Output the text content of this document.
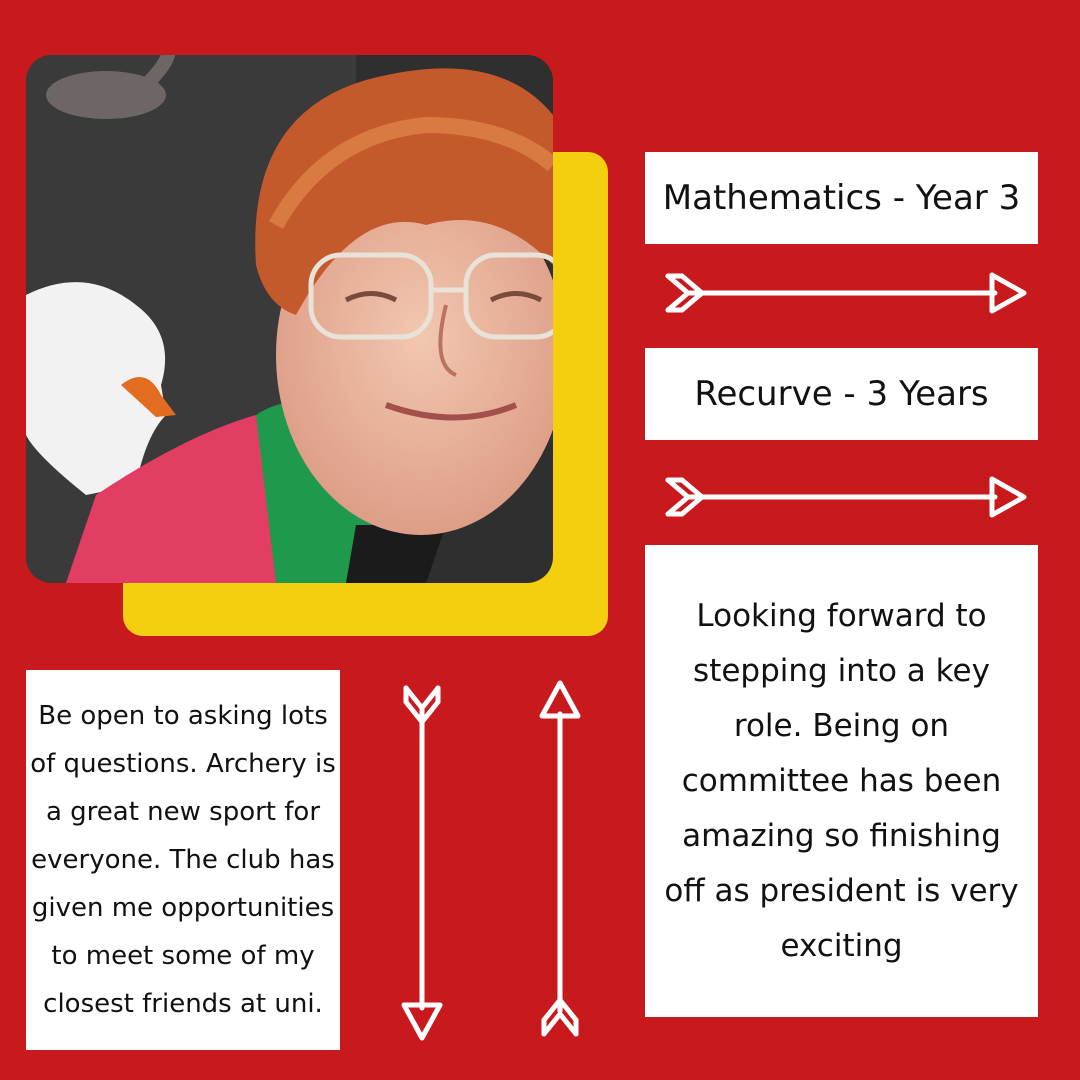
Mathematics - Year 3
Recurve - 3 Years
Looking forward to stepping into a key role. Being on committee has been amazing so finishing off as president is very exciting
Be open to asking lots of questions. Archery is a great new sport for everyone. The club has given me opportunities to meet some of my closest friends at uni.
